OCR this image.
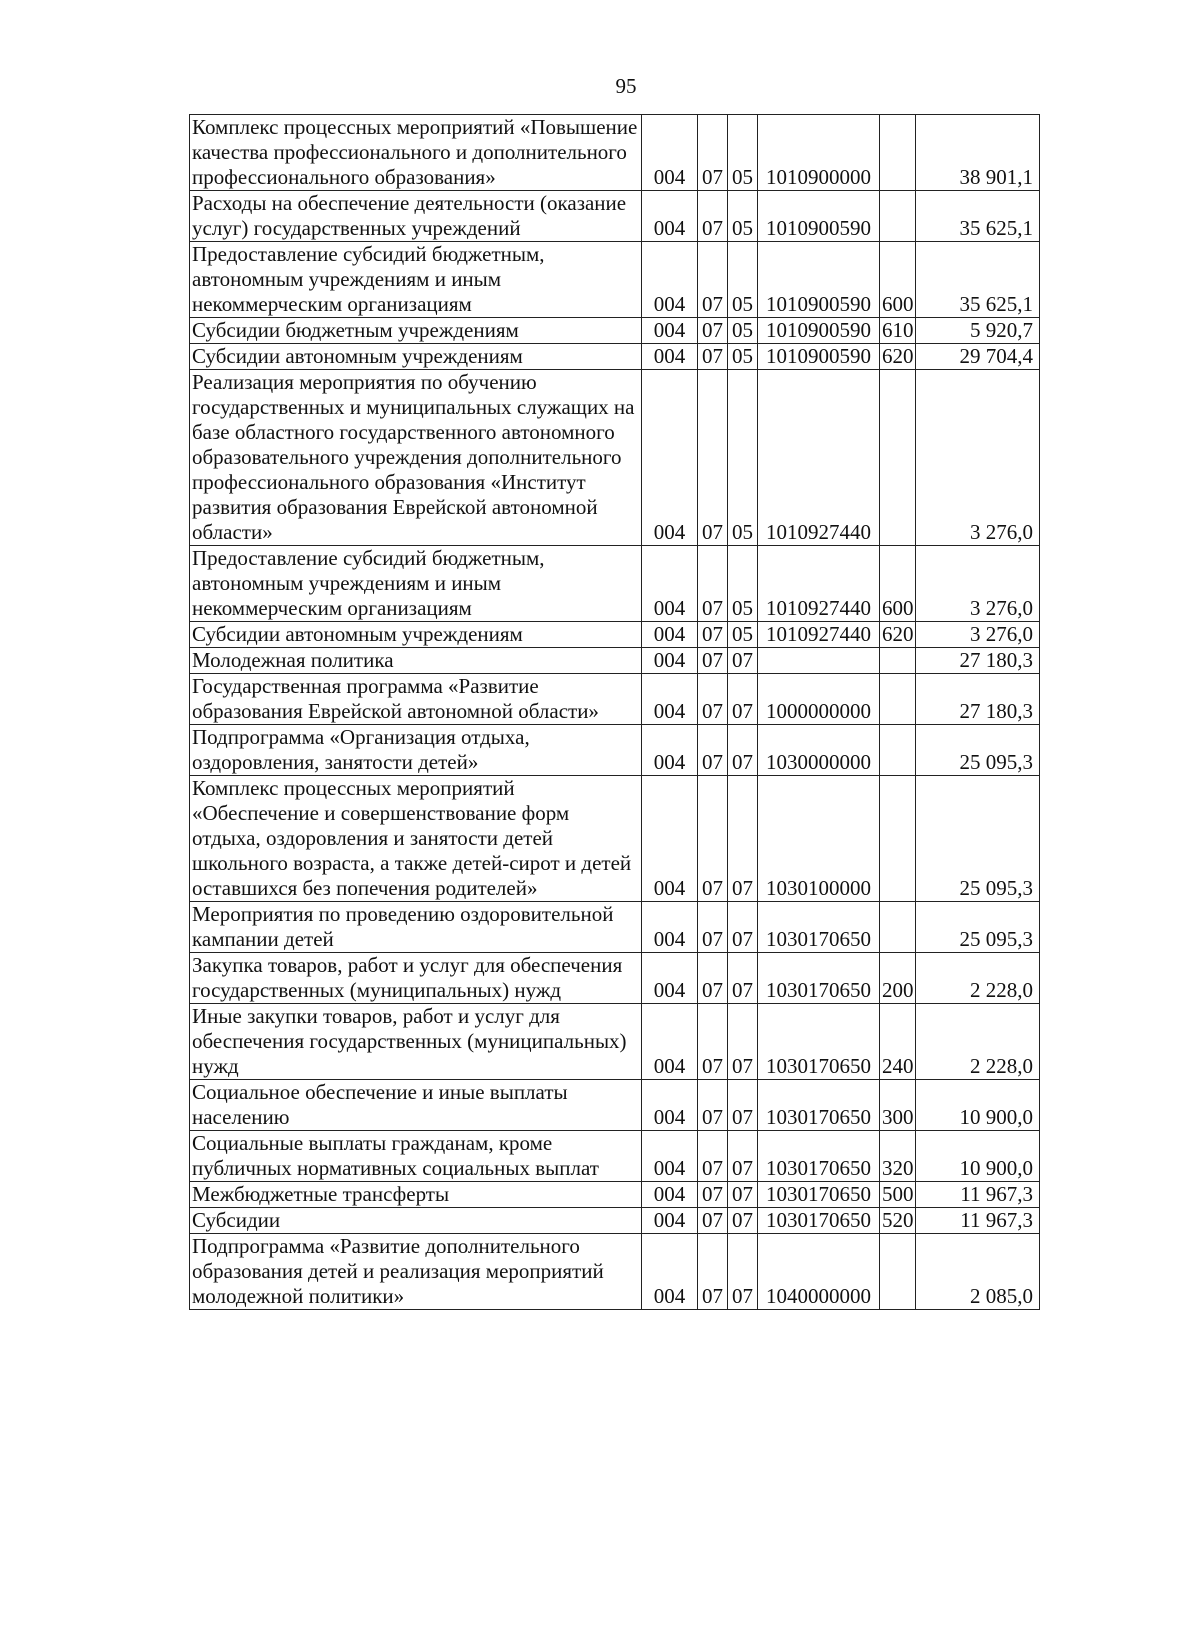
95
Комплекс процессных мероприятий «Повышение качества профессионального и дополнительного профессионального образования»	004	07	05	1010900000		38 901,1
Расходы на обеспечение деятельности (оказание услуг) государственных учреждений	004	07	05	1010900590		35 625,1
Предоставление субсидий бюджетным, автономным учреждениям и иным некоммерческим организациям	004	07	05	1010900590	600	35 625,1
Субсидии бюджетным учреждениям	004	07	05	1010900590	610	5 920,7
Субсидии автономным учреждениям	004	07	05	1010900590	620	29 704,4
Реализация мероприятия по обучению государственных и муниципальных служащих на базе областного государственного автономного образовательного учреждения дополнительного профессионального образования «Институт развития образования Еврейской автономной области»	004	07	05	1010927440		3 276,0
Предоставление субсидий бюджетным, автономным учреждениям и иным некоммерческим организациям	004	07	05	1010927440	600	3 276,0
Субсидии автономным учреждениям	004	07	05	1010927440	620	3 276,0
Молодежная политика	004	07	07			27 180,3
Государственная программа «Развитие образования Еврейской автономной области»	004	07	07	1000000000		27 180,3
Подпрограмма «Организация отдыха, оздоровления, занятости детей»	004	07	07	1030000000		25 095,3
Комплекс процессных мероприятий «Обеспечение и совершенствование форм отдыха, оздоровления и занятости детей школьного возраста, а также детей-сирот и детей оставшихся без попечения родителей»	004	07	07	1030100000		25 095,3
Мероприятия по проведению оздоровительной кампании детей	004	07	07	1030170650		25 095,3
Закупка товаров, работ и услуг для обеспечения государственных (муниципальных) нужд	004	07	07	1030170650	200	2 228,0
Иные закупки товаров, работ и услуг для обеспечения государственных (муниципальных) нужд	004	07	07	1030170650	240	2 228,0
Социальное обеспечение и иные выплаты населению	004	07	07	1030170650	300	10 900,0
Социальные выплаты гражданам, кроме публичных нормативных социальных выплат	004	07	07	1030170650	320	10 900,0
Межбюджетные трансферты	004	07	07	1030170650	500	11 967,3
Субсидии	004	07	07	1030170650	520	11 967,3
Подпрограмма «Развитие дополнительного образования детей и реализация мероприятий молодежной политики»	004	07	07	1040000000		2 085,0
